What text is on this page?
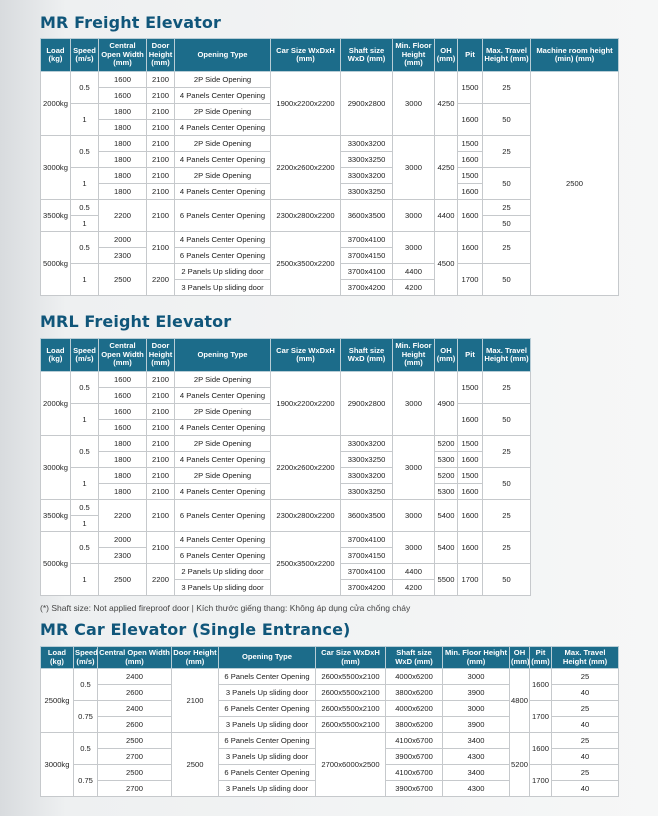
MR Freight Elevator
Load (kg)	Speed (m/s)	Central Open Width (mm)	Door Height (mm)	Opening Type	Car Size WxDxH (mm)	Shaft size WxD (mm)	Min. Floor Height (mm)	OH (mm)	Pit	Max. Travel Height (mm)	Machine room height (min) (mm)
2000kg	0.5	1600	2100	2P Side Opening	1900x2200x2200	2900x2800	3000	4250	1500	25	2500
		1600	2100	4 Panels Center Opening							
	1	1800	2100	2P Side Opening					1600	50	
		1800	2100	4 Panels Center Opening							
3000kg	0.5	1800	2100	2P Side Opening	2200x2600x2200	3300x3200	3000	4250	1500	25	
		1800	2100	4 Panels Center Opening		3300x3250			1600		
	1	1800	2100	2P Side Opening		3300x3200			1500	50	
		1800	2100	4 Panels Center Opening		3300x3250			1600		
3500kg	0.5	2200	2100	6 Panels Center Opening	2300x2800x2200	3600x3500	3000	4400	1600	25	
	1									50	
5000kg	0.5	2000	2100	4 Panels Center Opening	2500x3500x2200	3700x4100	3000	4500	1600	25	
		2300		6 Panels Center Opening		3700x4150					
	1	2500	2200	2 Panels Up sliding door		3700x4100	4400		1700	50	
				3 Panels Up sliding door		3700x4200	4200				
MRL Freight Elevator
Load (kg)	Speed (m/s)	Central Open Width (mm)	Door Height (mm)	Opening Type	Car Size WxDxH (mm)	Shaft size WxD (mm)	Min. Floor Height (mm)	OH (mm)	Pit	Max. Travel Height (mm)
2000kg	0.5	1600	2100	2P Side Opening	1900x2200x2200	2900x2800	3000	4900	1500	25
		1600	2100	4 Panels Center Opening						
	1	1600	2100	2P Side Opening					1600	50
		1600	2100	4 Panels Center Opening						
3000kg	0.5	1800	2100	2P Side Opening	2200x2600x2200	3300x3200	3000	5200	1500	25
		1800	2100	4 Panels Center Opening		3300x3250		5300	1600	
	1	1800	2100	2P Side Opening		3300x3200		5200	1500	50
		1800	2100	4 Panels Center Opening		3300x3250		5300	1600	
3500kg	0.5	2200	2100	6 Panels Center Opening	2300x2800x2200	3600x3500	3000	5400	1600	25
	1									
5000kg	0.5	2000	2100	4 Panels Center Opening	2500x3500x2200	3700x4100	3000	5400	1600	25
		2300		6 Panels Center Opening		3700x4150				
	1	2500	2200	2 Panels Up sliding door		3700x4100	4400	5500	1700	50
				3 Panels Up sliding door		3700x4200	4200			
(*) Shaft size: Not applied fireproof door | Kích thước giếng thang: Không áp dụng cửa chống cháy
MR Car Elevator (Single Entrance)
Load (kg)	Speed (m/s)	Central Open Width (mm)	Door Height (mm)	Opening Type	Car Size WxDxH (mm)	Shaft size WxD (mm)	Min. Floor Height (mm)	OH (mm)	Pit (mm)	Max. Travel Height (mm)
2500kg	0.5	2400	2100	6 Panels Center Opening	2600x5500x2100	4000x6200	3000	4800	1600	25
		2600		3 Panels Up sliding door	2600x5500x2100	3800x6200	3900			40
	0.75	2400		6 Panels Center Opening	2600x5500x2100	4000x6200	3000		1700	25
		2600		3 Panels Up sliding door	2600x5500x2100	3800x6200	3900			40
3000kg	0.5	2500	2500	6 Panels Center Opening	2700x6000x2500	4100x6700	3400	5200	1600	25
		2700		3 Panels Up sliding door		3900x6700	4300			40
	0.75	2500		6 Panels Center Opening		4100x6700	3400		1700	25
		2700		3 Panels Up sliding door		3900x6700	4300			40
